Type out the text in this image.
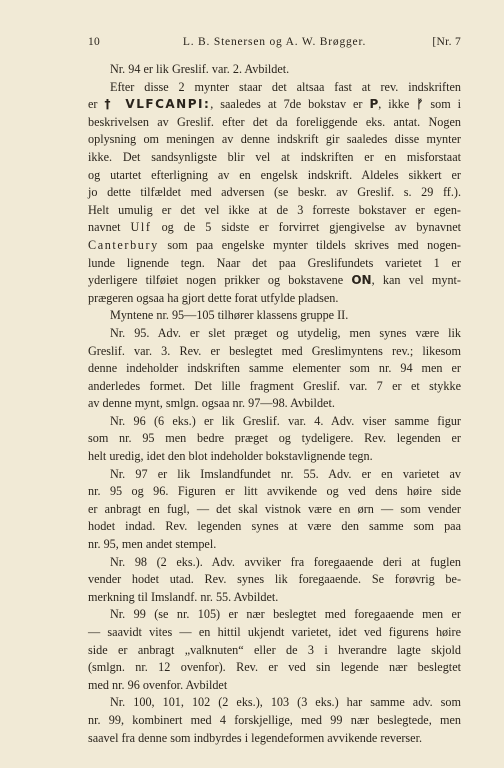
10	L. B. Stenersen og A. W. Brøgger.	[Nr. 7
Nr. 94 er lik Greslif. var. 2. Avbildet.
Efter disse 2 mynter staar det altsaa fast at rev. indskriften
er † VLFCANPI:, saaledes at 7de bokstav er P, ikke ᚠ som i
beskrivelsen av Greslif. efter det da foreliggende eks. antat. Nogen
oplysning om meningen av denne indskrift gir saaledes disse mynter
ikke. Det sandsynligste blir vel at indskriften er en misforstaat
og utartet efterligning av en engelsk indskrift. Aldeles sikkert er
jo dette tilfældet med adversen (se beskr. av Greslif. s. 29 ff.).
Helt umulig er det vel ikke at de 3 forreste bokstaver er egen-
navnet Ulf og de 5 sidste er forvirret gjengivelse av bynavnet
Canterbury som paa engelske mynter tildels skrives med nogen-
lunde lignende tegn. Naar det paa Greslifundets varietet 1 er
yderligere tilføiet nogen prikker og bokstavene ON, kan vel mynt-
prægeren ogsaa ha gjort dette forat utfylde pladsen.
Myntene nr. 95—105 tilhører klassens gruppe II.
Nr. 95. Adv. er slet præget og utydelig, men synes være lik
Greslif. var. 3. Rev. er beslegtet med Greslimyntens rev.; likesom
denne indeholder indskriften samme elementer som nr. 94 men er
anderledes formet. Det lille fragment Greslif. var. 7 er et stykke
av denne mynt, smlgn. ogsaa nr. 97—98. Avbildet.
Nr. 96 (6 eks.) er lik Greslif. var. 4. Adv. viser samme figur
som nr. 95 men bedre præget og tydeligere. Rev. legenden er
helt uredig, idet den blot indeholder bokstavlignende tegn.
Nr. 97 er lik Imslandfundet nr. 55. Adv. er en varietet av
nr. 95 og 96. Figuren er litt avvikende og ved dens høire side
er anbragt en fugl, — det skal vistnok være en ørn — som vender
hodet indad. Rev. legenden synes at være den samme som paa
nr. 95, men andet stempel.
Nr. 98 (2 eks.). Adv. avviker fra foregaaende deri at fuglen
vender hodet utad. Rev. synes lik foregaaende. Se forøvrig be-
merkning til Imslandf. nr. 55. Avbildet.
Nr. 99 (se nr. 105) er nær beslegtet med foregaaende men er
— saavidt vites — en hittil ukjendt varietet, idet ved figurens høire
side er anbragt „valknuten“ eller de 3 i hverandre lagte skjold
(smlgn. nr. 12 ovenfor). Rev. er ved sin legende nær beslegtet
med nr. 96 ovenfor. Avbildet
Nr. 100, 101, 102 (2 eks.), 103 (3 eks.) har samme adv. som
nr. 99, kombinert med 4 forskjellige, med 99 nær beslegtede, men
saavel fra denne som indbyrdes i legendeformen avvikende reverser.
